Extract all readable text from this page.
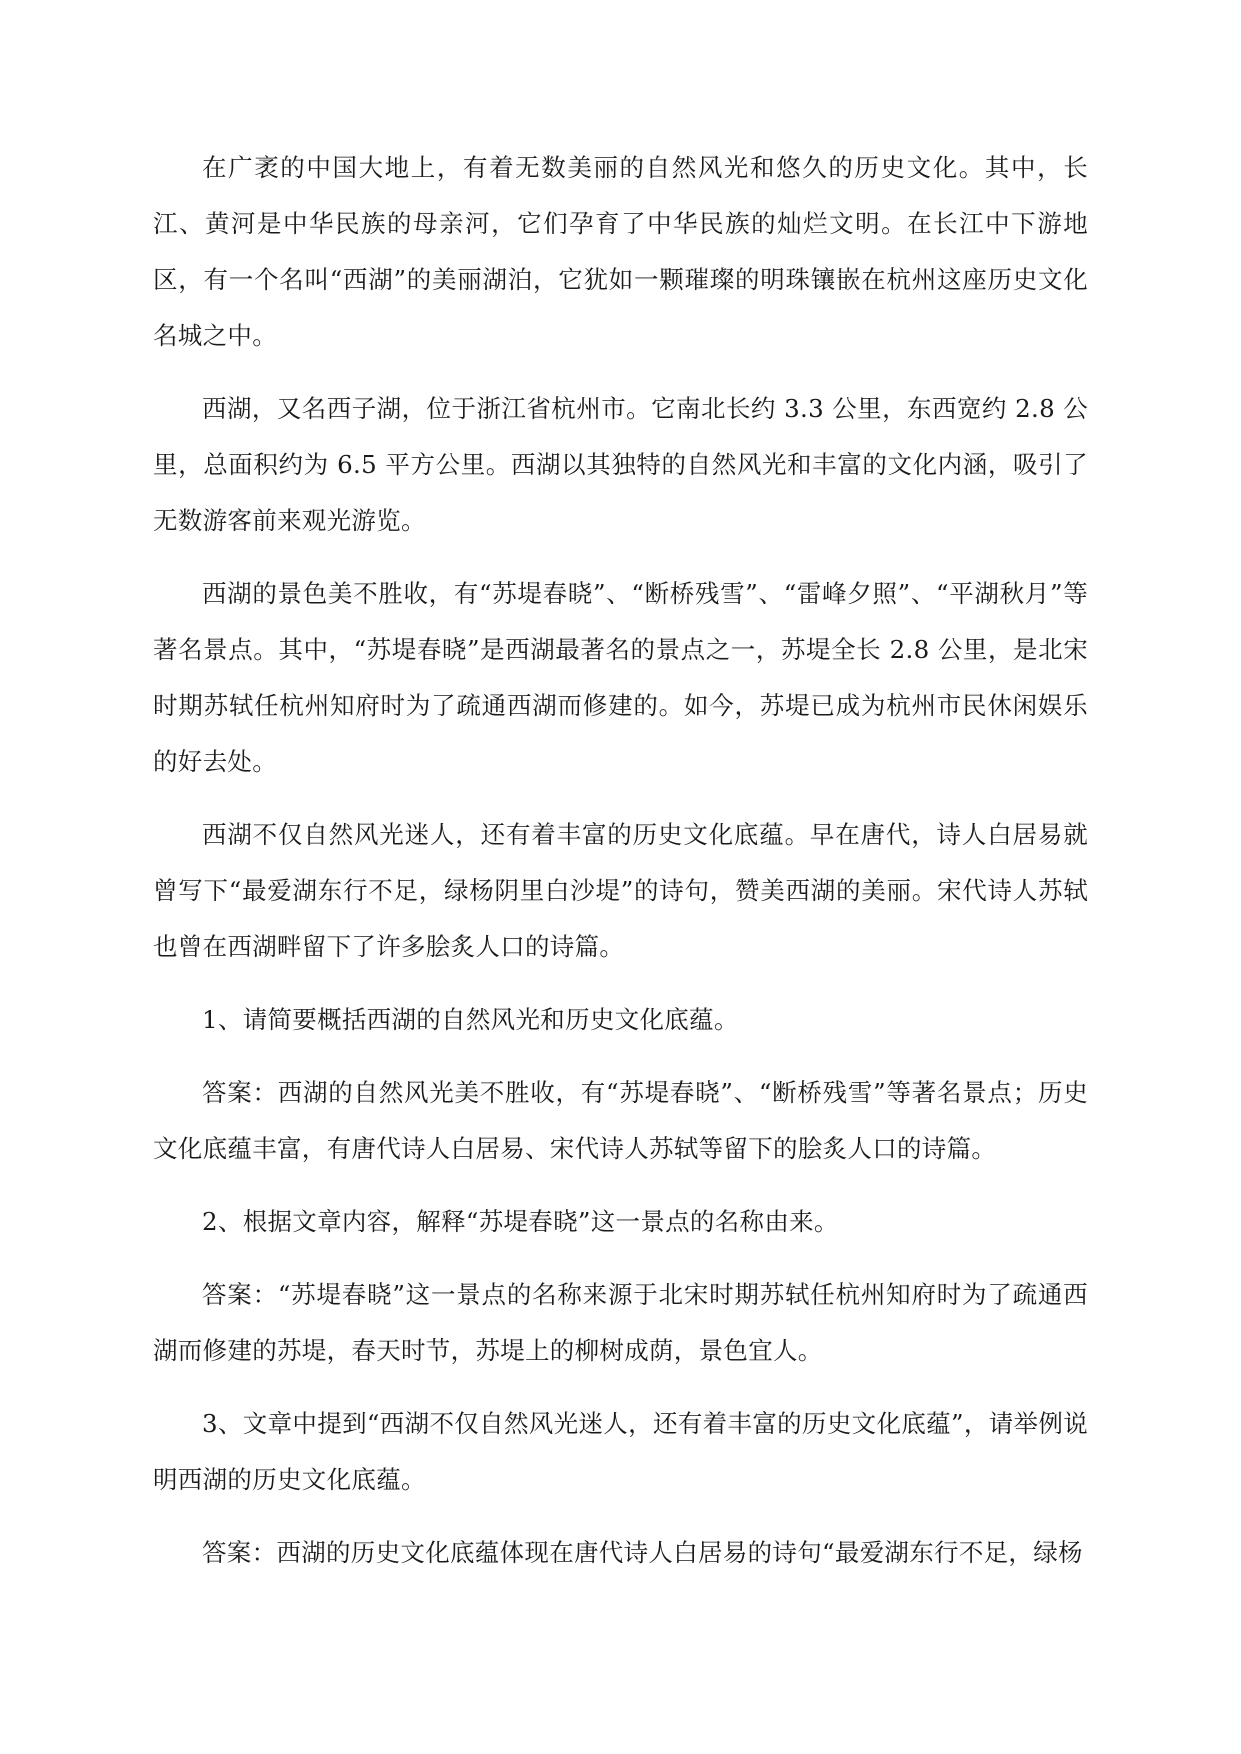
在广袤的中国大地上，有着无数美丽的自然风光和悠久的历史文化。其中，长江、黄河是中华民族的母亲河，它们孕育了中华民族的灿烂文明。在长江中下游地区，有一个名叫“西湖”的美丽湖泊，它犹如一颗璀璨的明珠镶嵌在杭州这座历史文化名城之中。

西湖，又名西子湖，位于浙江省杭州市。它南北长约 3.3 公里，东西宽约 2.8 公里，总面积约为 6.5 平方公里。西湖以其独特的自然风光和丰富的文化内涵，吸引了无数游客前来观光游览。

西湖的景色美不胜收，有“苏堤春晓”、“断桥残雪”、“雷峰夕照”、“平湖秋月”等著名景点。其中，“苏堤春晓”是西湖最著名的景点之一，苏堤全长 2.8 公里，是北宋时期苏轼任杭州知府时为了疏通西湖而修建的。如今，苏堤已成为杭州市民休闲娱乐的好去处。

西湖不仅自然风光迷人，还有着丰富的历史文化底蕴。早在唐代，诗人白居易就曾写下“最爱湖东行不足，绿杨阴里白沙堤”的诗句，赞美西湖的美丽。宋代诗人苏轼也曾在西湖畔留下了许多脍炙人口的诗篇。

1、请简要概括西湖的自然风光和历史文化底蕴。

答案：西湖的自然风光美不胜收，有“苏堤春晓”、“断桥残雪”等著名景点；历史文化底蕴丰富，有唐代诗人白居易、宋代诗人苏轼等留下的脍炙人口的诗篇。

2、根据文章内容，解释“苏堤春晓”这一景点的名称由来。

答案：“苏堤春晓”这一景点的名称来源于北宋时期苏轼任杭州知府时为了疏通西湖而修建的苏堤，春天时节，苏堤上的柳树成荫，景色宜人。

3、文章中提到“西湖不仅自然风光迷人，还有着丰富的历史文化底蕴”，请举例说明西湖的历史文化底蕴。

答案：西湖的历史文化底蕴体现在唐代诗人白居易的诗句“最爱湖东行不足，绿杨
